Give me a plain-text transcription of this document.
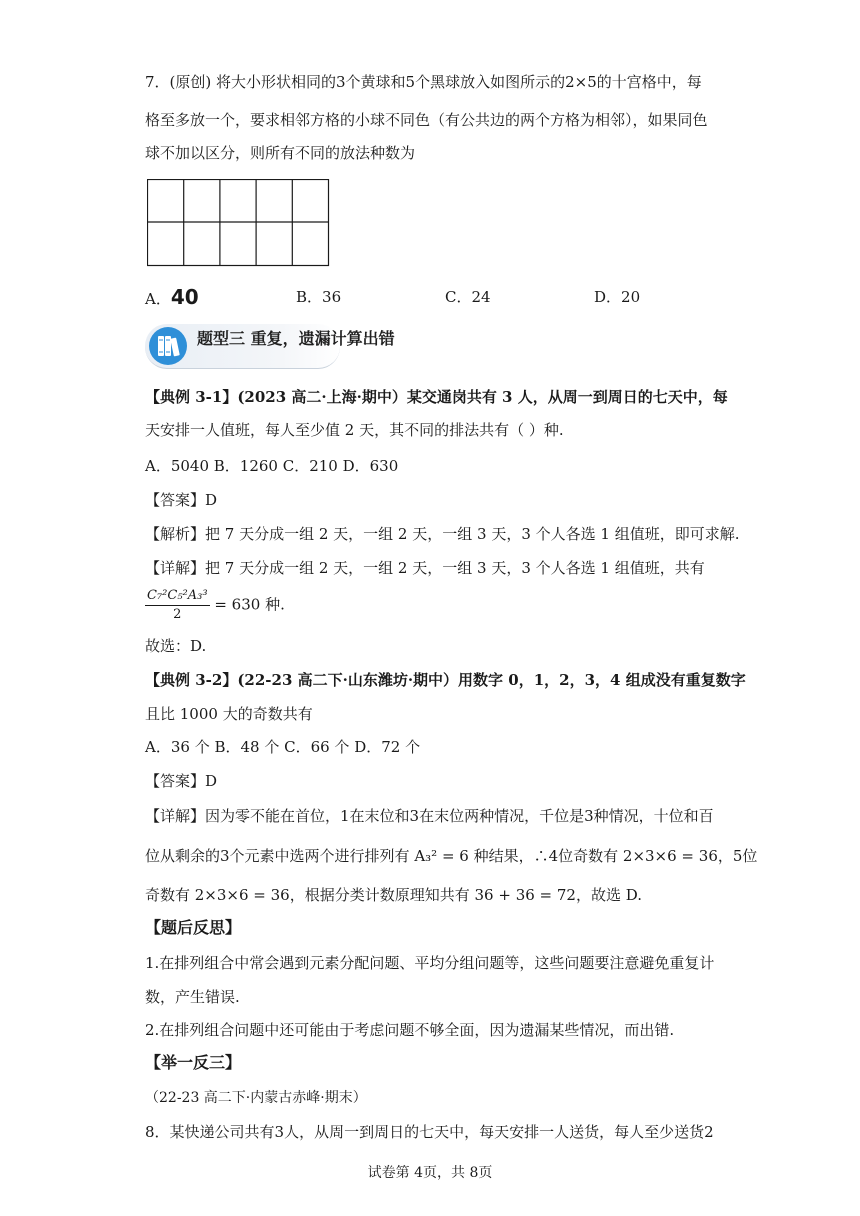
7．(原创) 将大小形状相同的3个黄球和5个黑球放入如图所示的2×5的十宫格中，每
格至多放一个，要求相邻方格的小球不同色（有公共边的两个方格为相邻），如果同色
球不加以区分，则所有不同的放法种数为
A．40	B．36	C．24	D．20
题型三 重复，遗漏计算出错
【典例 3-1】(2023 高二·上海·期中）某交通岗共有 3 人，从周一到周日的七天中，每
天安排一人值班，每人至少值 2 天，其不同的排法共有（ ）种.
A．5040 B．1260 C．210 D．630
【答案】D
【解析】把 7 天分成一组 2 天，一组 2 天，一组 3 天，3 个人各选 1 组值班，即可求解.
【详解】把 7 天分成一组 2 天，一组 2 天，一组 3 天，3 个人各选 1 组值班，共有
$\frac{\text{C₇²C₅²A₃³}}{2} = 630$ 种.
故选：D.
【典例 3-2】(22-23 高二下·山东潍坊·期中）用数字 0，1，2，3，4 组成没有重复数字
且比 1000 大的奇数共有
A．36 个 B．48 个 C．66 个 D．72 个
【答案】D
【详解】因为零不能在首位，1在末位和3在末位两种情况，千位是3种情况，十位和百
位从剩余的3个元素中选两个进行排列有 A₃² = 6 种结果，∴4位奇数有 2×3×6 = 36，5位
奇数有 2×3×6 = 36，根据分类计数原理知共有 36 + 36 = 72，故选 D.
【题后反思】
1.在排列组合中常会遇到元素分配问题、平均分组问题等，这些问题要注意避免重复计
数，产生错误.
2.在排列组合问题中还可能由于考虑问题不够全面，因为遗漏某些情况，而出错.
【举一反三】
（22-23 高二下·内蒙古赤峰·期末）
8．某快递公司共有3人，从周一到周日的七天中，每天安排一人送货，每人至少送货2
试卷第 4页，共 8页
